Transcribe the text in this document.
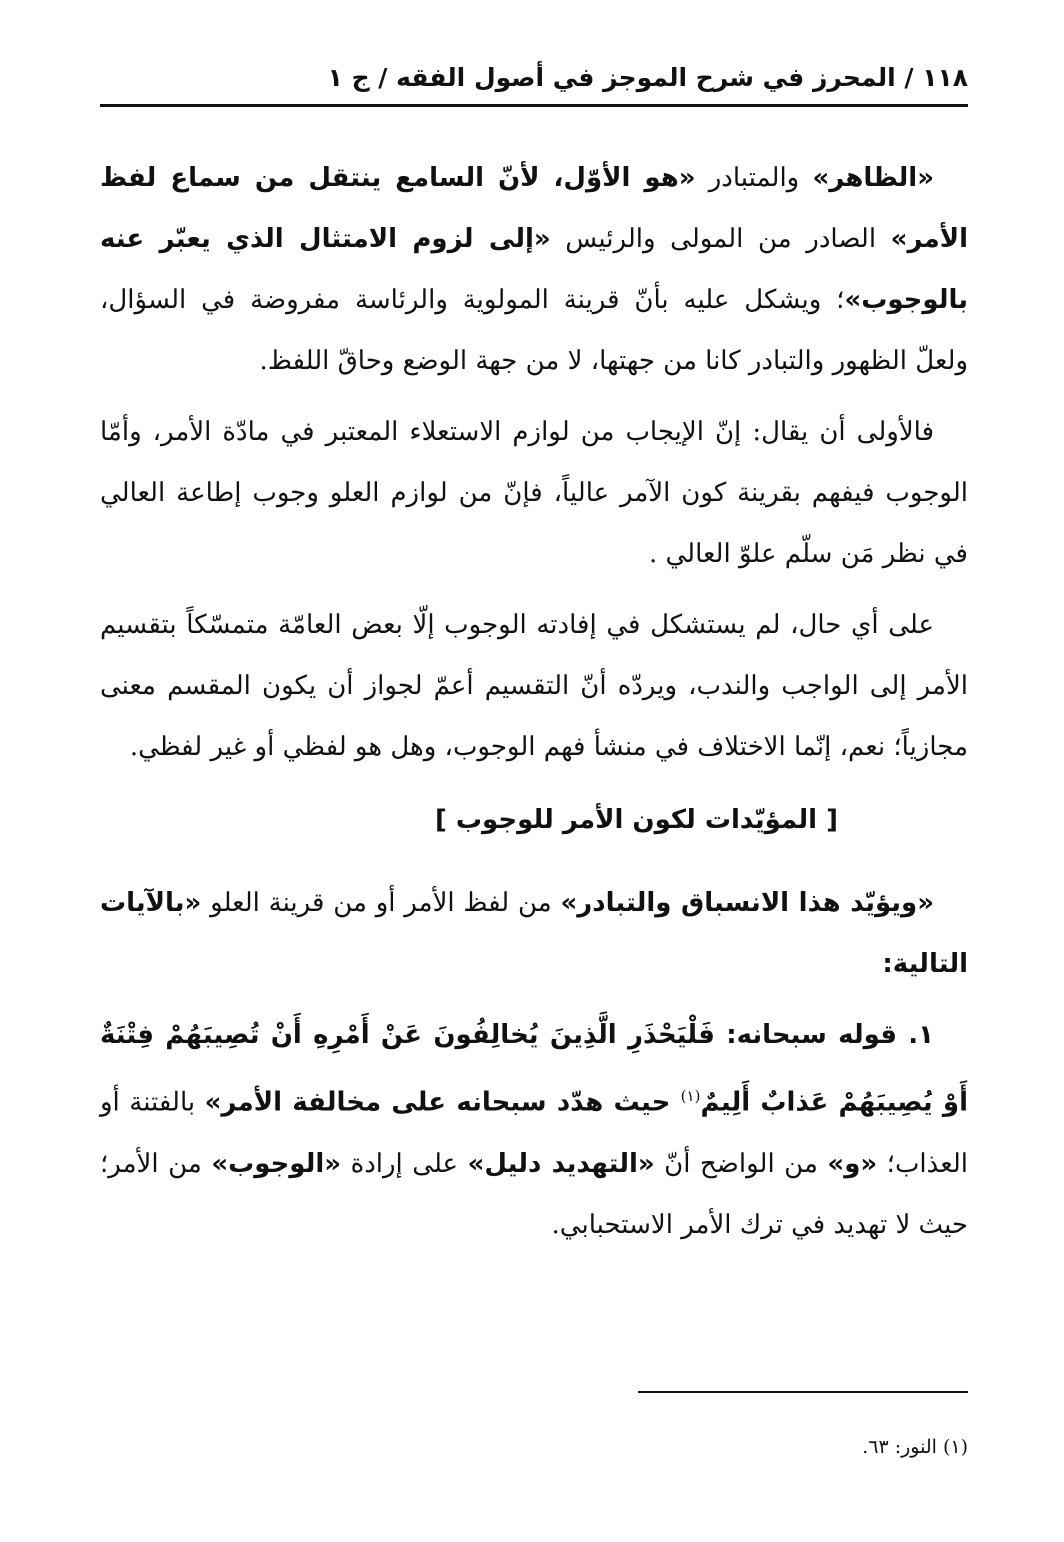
١١٨ / المحرز في شرح الموجز في أصول الفقه / ج ١

«الظاهر» والمتبادر «هو الأوّل، لأنّ السامع ينتقل من سماع لفظ الأمر» الصادر من المولى والرئيس «إلى لزوم الامتثال الذي يعبّر عنه بالوجوب»؛ ويشكل عليه بأنّ قرينة المولوية والرئاسة مفروضة في السؤال، ولعلّ الظهور والتبادر كانا من جهتها، لا من جهة الوضع وحاقّ اللفظ.

فالأولى أن يقال: إنّ الإيجاب من لوازم الاستعلاء المعتبر في مادّة الأمر، وأمّا الوجوب فيفهم بقرينة كون الآمر عالياً، فإنّ من لوازم العلو وجوب إطاعة العالي في نظر مَن سلّم علوّ العالي .

على أي حال، لم يستشكل في إفادته الوجوب إلّا بعض العامّة متمسّكاً بتقسيم الأمر إلى الواجب والندب، ويردّه أنّ التقسيم أعمّ لجواز أن يكون المقسم معنى مجازياً؛ نعم، إنّما الاختلاف في منشأ فهم الوجوب، وهل هو لفظي أو غير لفظي.

[ المؤيّدات لكون الأمر للوجوب ]

«ويؤيّد هذا الانسباق والتبادر» من لفظ الأمر أو من قرينة العلو «بالآيات التالية:

١. قوله سبحانه: فَلْيَحْذَرِ الَّذِينَ يُخالِفُونَ عَنْ أَمْرِهِ أَنْ تُصِيبَهُمْ فِتْنَةٌ أَوْ يُصِيبَهُمْ عَذابٌ أَلِيمٌ$^{(١)}$ حيث هدّد سبحانه على مخالفة الأمر» بالفتنة أو العذاب؛ «و» من الواضح أنّ «التهديد دليل» على إرادة «الوجوب» من الأمر؛ حيث لا تهديد في ترك الأمر الاستحبابي.

(١) النور: ٦٣.
